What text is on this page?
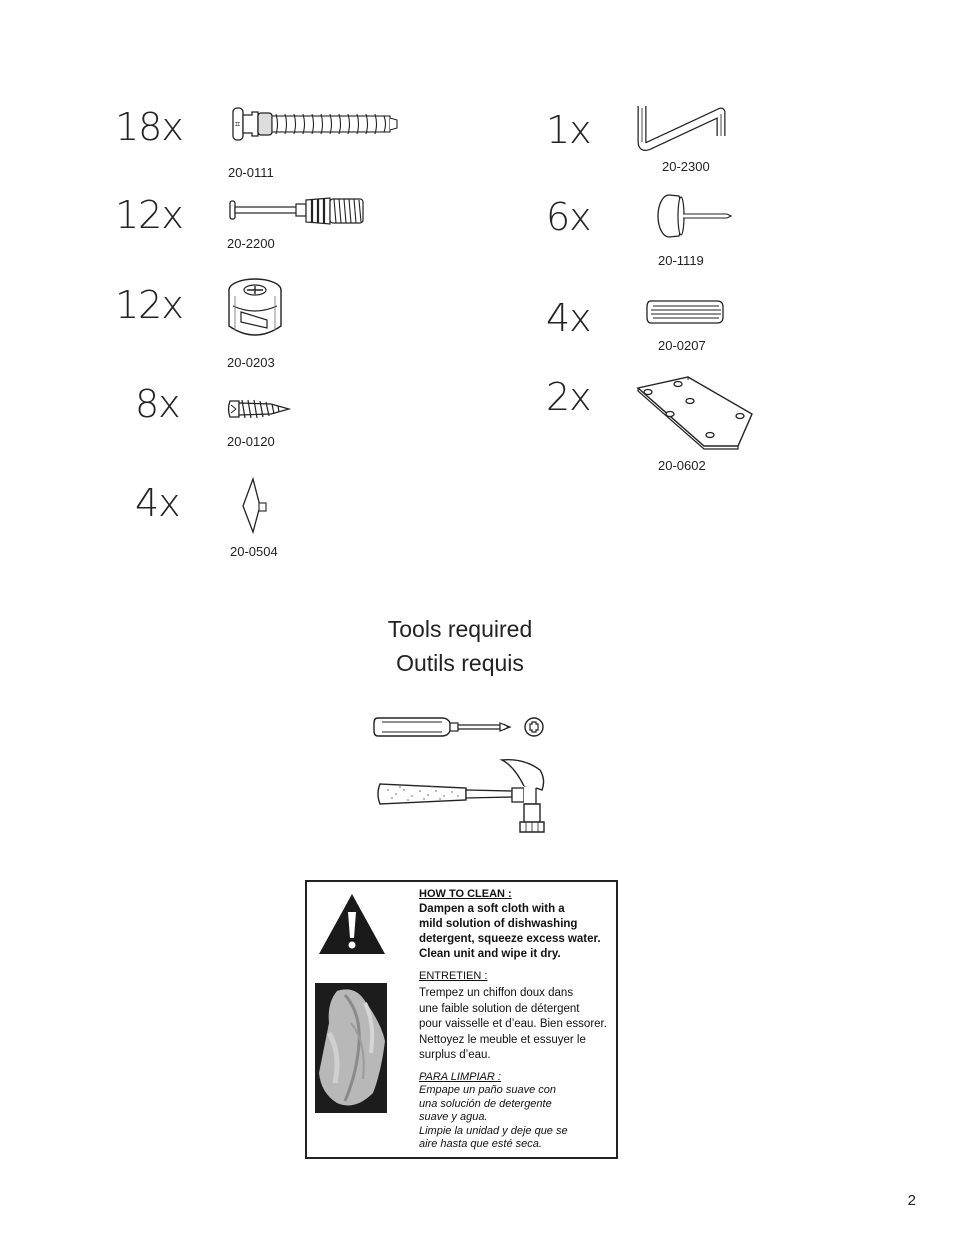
18x	⌗
20-0111
12x
20-2200
12x
20-0203
8x
20-0120
4x
20-0504
1x
20-2300
6x
20-1119
4x
20-0207
2x
20-0602
Tools required
Outils requis
HOW TO CLEAN :
Dampen a soft cloth with a
mild solution of dishwashing
detergent, squeeze excess water.
Clean unit and wipe it dry.
ENTRETIEN :
Trempez un chiffon doux dans
une faible solution de détergent
pour vaisselle et d’eau. Bien essorer.
Nettoyez le meuble et essuyer le
surplus d’eau.
PARA LIMPIAR :
Empape un paño suave con
una solución de detergente
suave y agua.
Limpie la unidad y deje que se
aire hasta que esté seca.
2
